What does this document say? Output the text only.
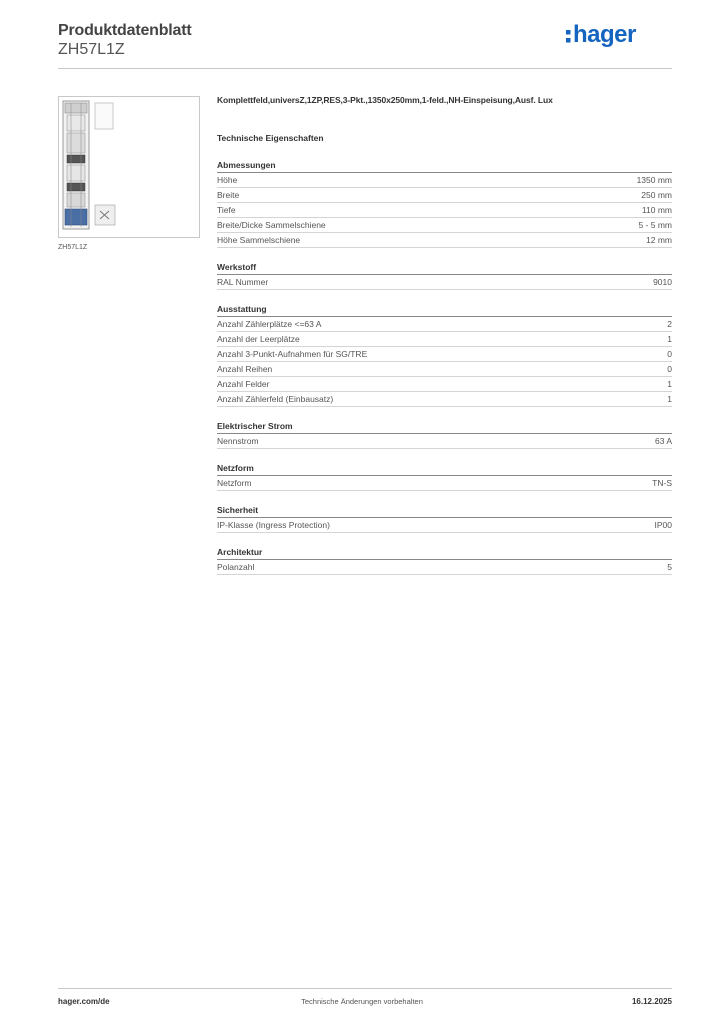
Produktdatenblatt
ZH57L1Z
hager
ZH57L1Z
Komplettfeld,universZ,1ZP,RES,3-Pkt.,1350x250mm,1-feld.,NH-Einspeisung,Ausf. Lux
Technische Eigenschaften
Abmessungen
Höhe	1350 mm
Breite	250 mm
Tiefe	110 mm
Breite/Dicke Sammelschiene	5 - 5 mm
Höhe Sammelschiene	12 mm
Werkstoff
RAL Nummer	9010
Ausstattung
Anzahl Zählerplätze <=63 A	2
Anzahl der Leerplätze	1
Anzahl 3-Punkt-Aufnahmen für SG/TRE	0
Anzahl Reihen	0
Anzahl Felder	1
Anzahl Zählerfeld (Einbausatz)	1
Elektrischer Strom
Nennstrom	63 A
Netzform
Netzform	TN-S
Sicherheit
IP-Klasse (Ingress Protection)	IP00
Architektur
Polanzahl	5
hager.com/de	Technische Änderungen vorbehalten	16.12.2025
